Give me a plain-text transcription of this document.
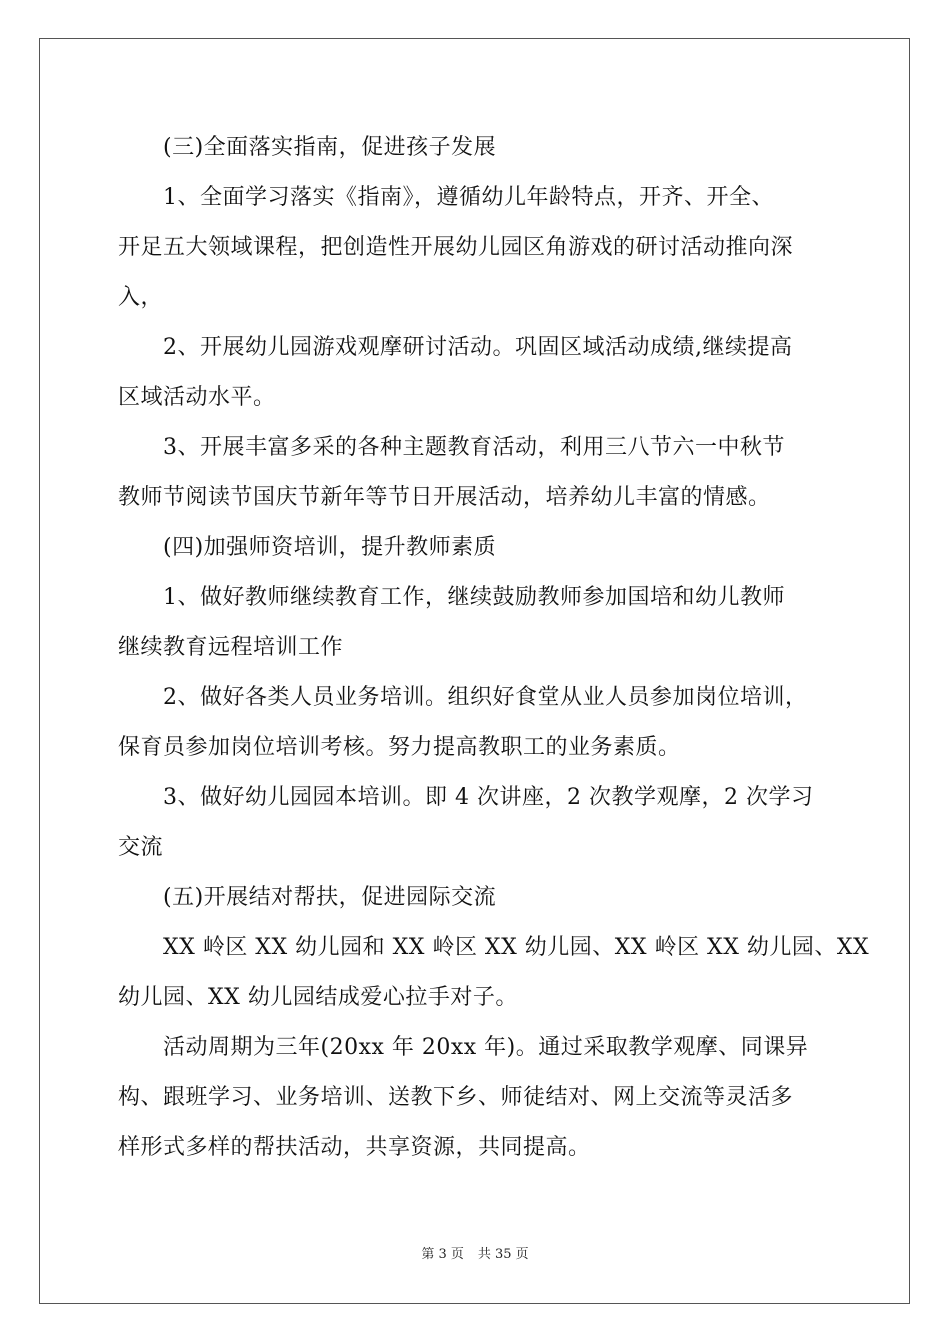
　　(三)全面落实指南，促进孩子发展
　　1、全面学习落实《指南》，遵循幼儿年龄特点，开齐、开全、
开足五大领域课程，把创造性开展幼儿园区角游戏的研讨活动推向深
入，
　　2、开展幼儿园游戏观摩研讨活动。巩固区域活动成绩,继续提高
区域活动水平。
　　3、开展丰富多采的各种主题教育活动，利用三八节六一中秋节
教师节阅读节国庆节新年等节日开展活动，培养幼儿丰富的情感。
　　(四)加强师资培训，提升教师素质
　　1、做好教师继续教育工作，继续鼓励教师参加国培和幼儿教师
继续教育远程培训工作
　　2、做好各类人员业务培训。组织好食堂从业人员参加岗位培训，
保育员参加岗位培训考核。努力提高教职工的业务素质。
　　3、做好幼儿园园本培训。即 4 次讲座，2 次教学观摩，2 次学习
交流
　　(五)开展结对帮扶，促进园际交流
　　XX 岭区 XX 幼儿园和 XX 岭区 XX 幼儿园、XX 岭区 XX 幼儿园、XX
幼儿园、XX 幼儿园结成爱心拉手对子。
　　活动周期为三年(20xx 年 20xx 年)。通过采取教学观摩、同课异
构、跟班学习、业务培训、送教下乡、师徒结对、网上交流等灵活多
样形式多样的帮扶活动，共享资源，共同提高。
第 3 页 共 35 页
